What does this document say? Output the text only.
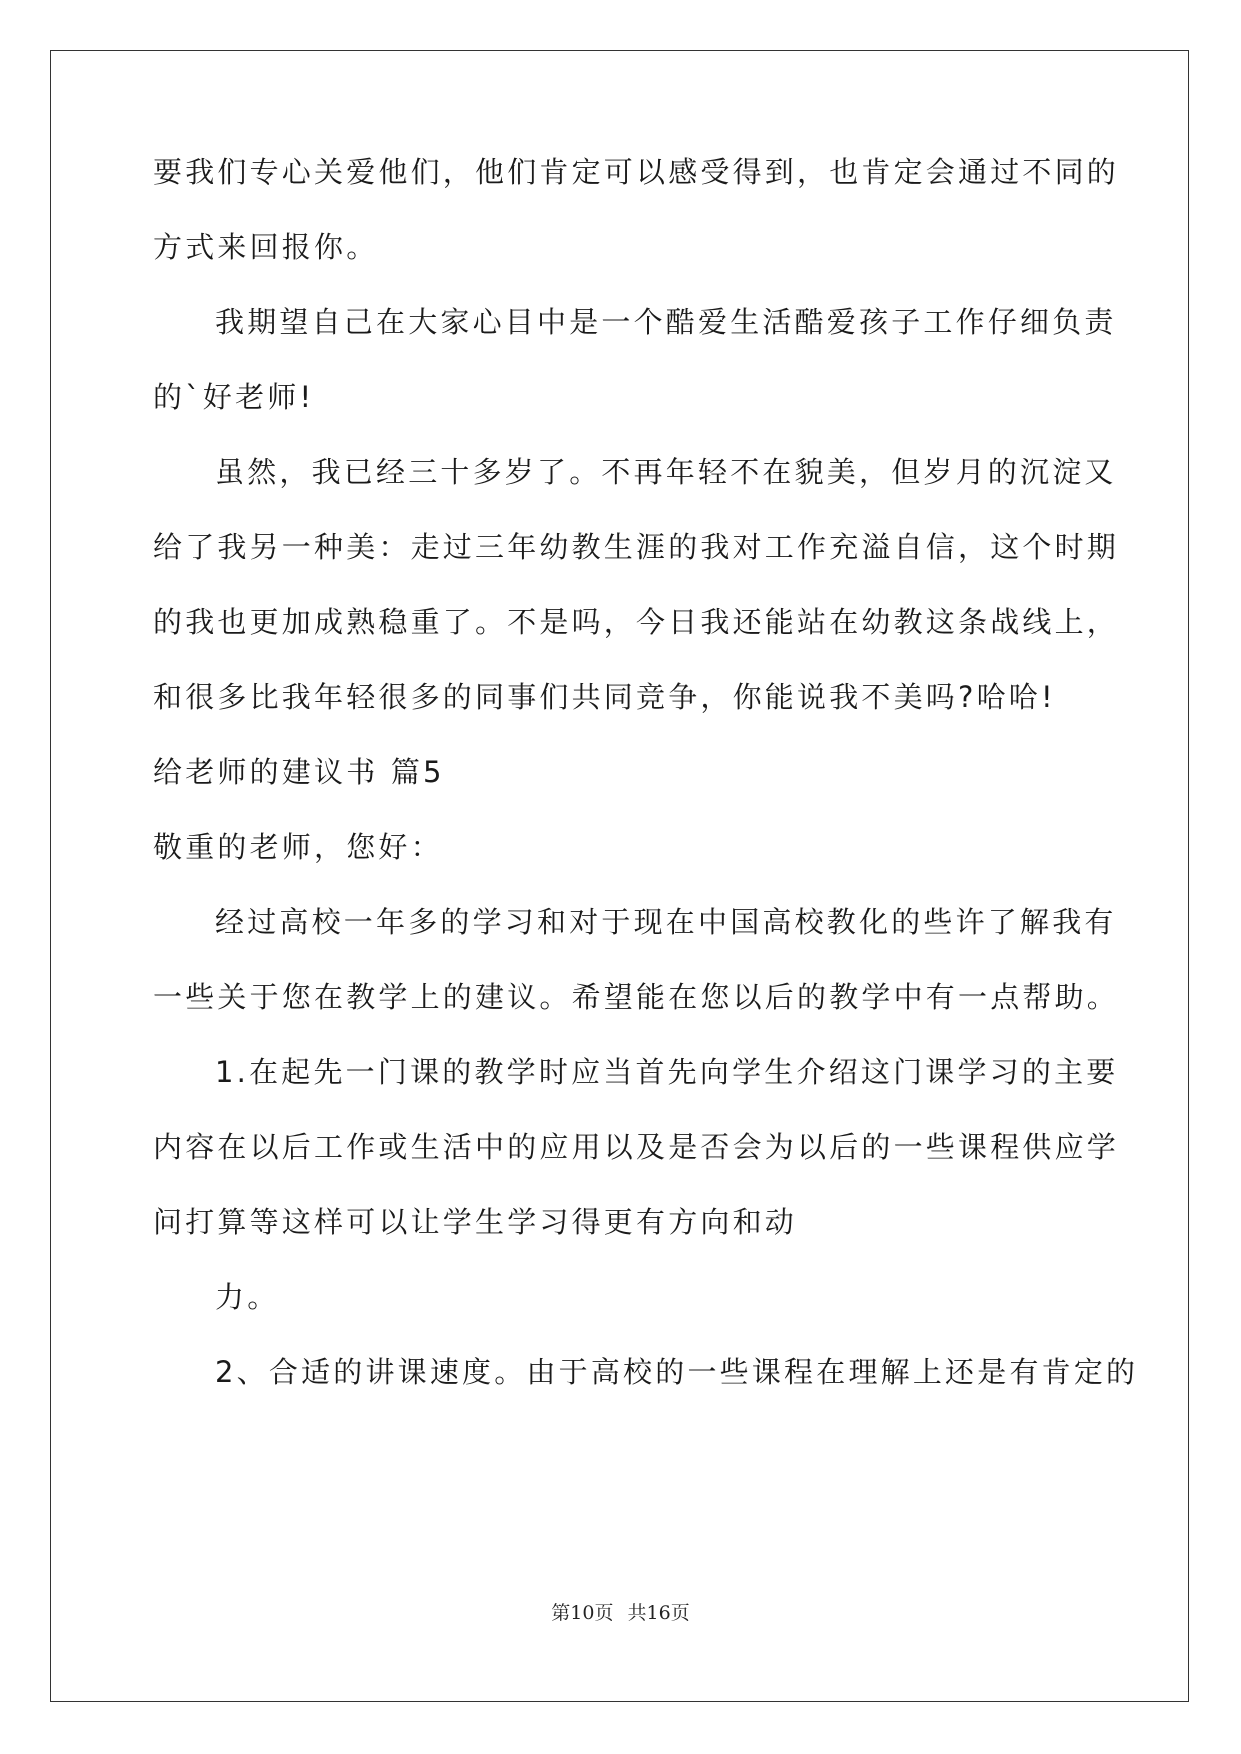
要我们专心关爱他们，他们肯定可以感受得到，也肯定会通过不同的
方式来回报你。
我期望自己在大家心目中是一个酷爱生活酷爱孩子工作仔细负责
的`好老师!
虽然，我已经三十多岁了。不再年轻不在貌美，但岁月的沉淀又
给了我另一种美：走过三年幼教生涯的我对工作充溢自信，这个时期
的我也更加成熟稳重了。不是吗，今日我还能站在幼教这条战线上，
和很多比我年轻很多的同事们共同竞争，你能说我不美吗?哈哈!
给老师的建议书 篇5
敬重的老师，您好：
经过高校一年多的学习和对于现在中国高校教化的些许了解我有
一些关于您在教学上的建议。希望能在您以后的教学中有一点帮助。
1.在起先一门课的教学时应当首先向学生介绍这门课学习的主要
内容在以后工作或生活中的应用以及是否会为以后的一些课程供应学
问打算等这样可以让学生学习得更有方向和动
力。
2、合适的讲课速度。由于高校的一些课程在理解上还是有肯定的
第10页 共16页
